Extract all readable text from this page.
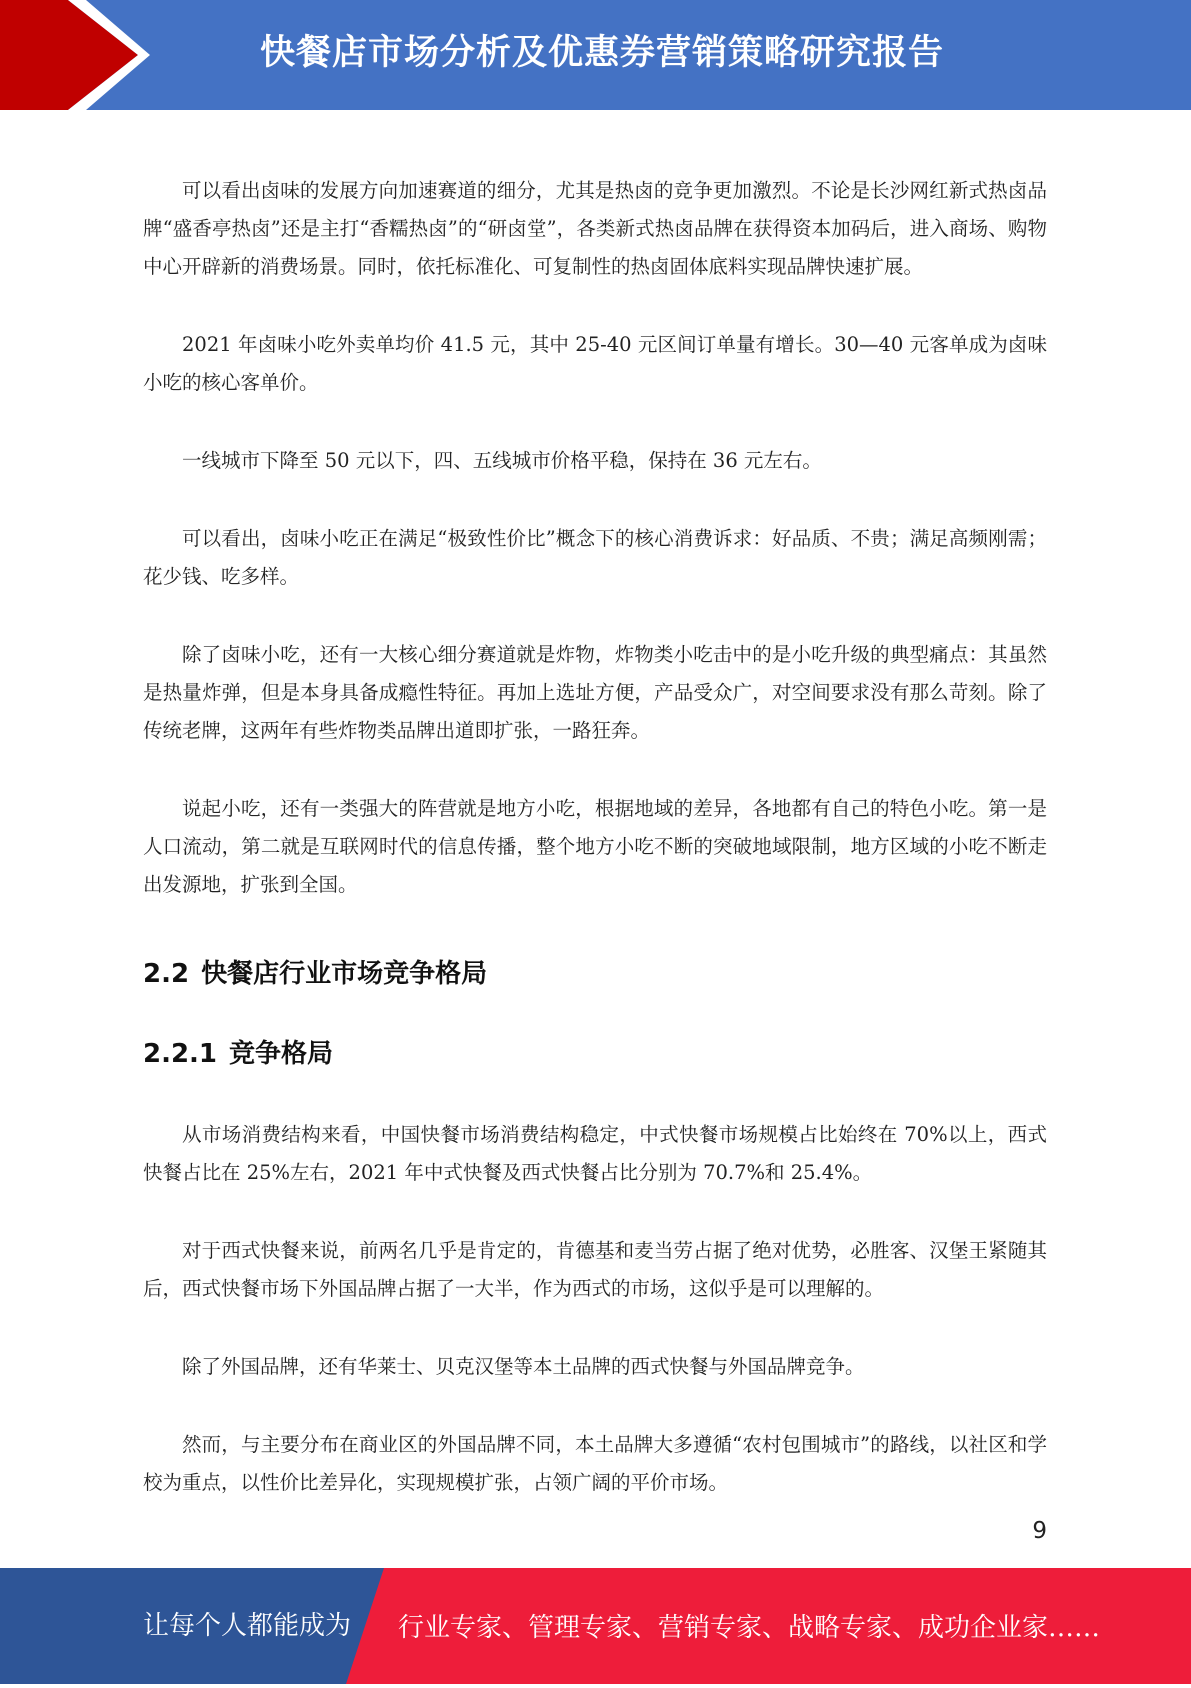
快餐店市场分析及优惠券营销策略研究报告

可以看出卤味的发展方向加速赛道的细分，尤其是热卤的竞争更加激烈。不论是长沙网红新式热卤品牌“盛香亭热卤”还是主打“香糯热卤”的“研卤堂”，各类新式热卤品牌在获得资本加码后，进入商场、购物中心开辟新的消费场景。同时，依托标准化、可复制性的热卤固体底料实现品牌快速扩展。

2021 年卤味小吃外卖单均价 41.5 元，其中 25-40 元区间订单量有增长。30—40 元客单成为卤味小吃的核心客单价。

一线城市下降至 50 元以下，四、五线城市价格平稳，保持在 36 元左右。

可以看出，卤味小吃正在满足“极致性价比”概念下的核心消费诉求：好品质、不贵；满足高频刚需；花少钱、吃多样。

除了卤味小吃，还有一大核心细分赛道就是炸物，炸物类小吃击中的是小吃升级的典型痛点：其虽然是热量炸弹，但是本身具备成瘾性特征。再加上选址方便，产品受众广，对空间要求没有那么苛刻。除了传统老牌，这两年有些炸物类品牌出道即扩张，一路狂奔。

说起小吃，还有一类强大的阵营就是地方小吃，根据地域的差异，各地都有自己的特色小吃。第一是人口流动，第二就是互联网时代的信息传播，整个地方小吃不断的突破地域限制，地方区域的小吃不断走出发源地，扩张到全国。

2.2 快餐店行业市场竞争格局
2.2.1 竞争格局

从市场消费结构来看，中国快餐市场消费结构稳定，中式快餐市场规模占比始终在 70%以上，西式快餐占比在 25%左右，2021 年中式快餐及西式快餐占比分别为 70.7%和 25.4%。

对于西式快餐来说，前两名几乎是肯定的，肯德基和麦当劳占据了绝对优势，必胜客、汉堡王紧随其后，西式快餐市场下外国品牌占据了一大半，作为西式的市场，这似乎是可以理解的。

除了外国品牌，还有华莱士、贝克汉堡等本土品牌的西式快餐与外国品牌竞争。

然而，与主要分布在商业区的外国品牌不同，本土品牌大多遵循“农村包围城市”的路线，以社区和学校为重点，以性价比差异化，实现规模扩张，占领广阔的平价市场。

9
让每个人都能成为 行业专家、管理专家、营销专家、战略专家、成功企业家……
